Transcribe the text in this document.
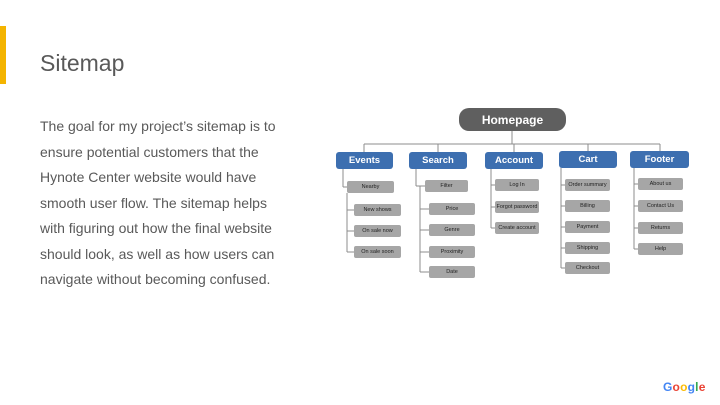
Sitemap
The goal for my project’s sitemap is to ensure potential customers that the Hynote Center website would have smooth user flow. The sitemap helps with figuring out how the final website should look, as well as how users can navigate without becoming confused.
Homepage
Events	Search	Account	Cart	Footer
Nearby
New shows
On sale now
On sale soon
Filter
Price
Genre
Proximity
Date
Log In
Forgot password
Create account
Order summary
Billing
Payment
Shipping
Checkout
About us
Contact Us
Returns
Help
Google
